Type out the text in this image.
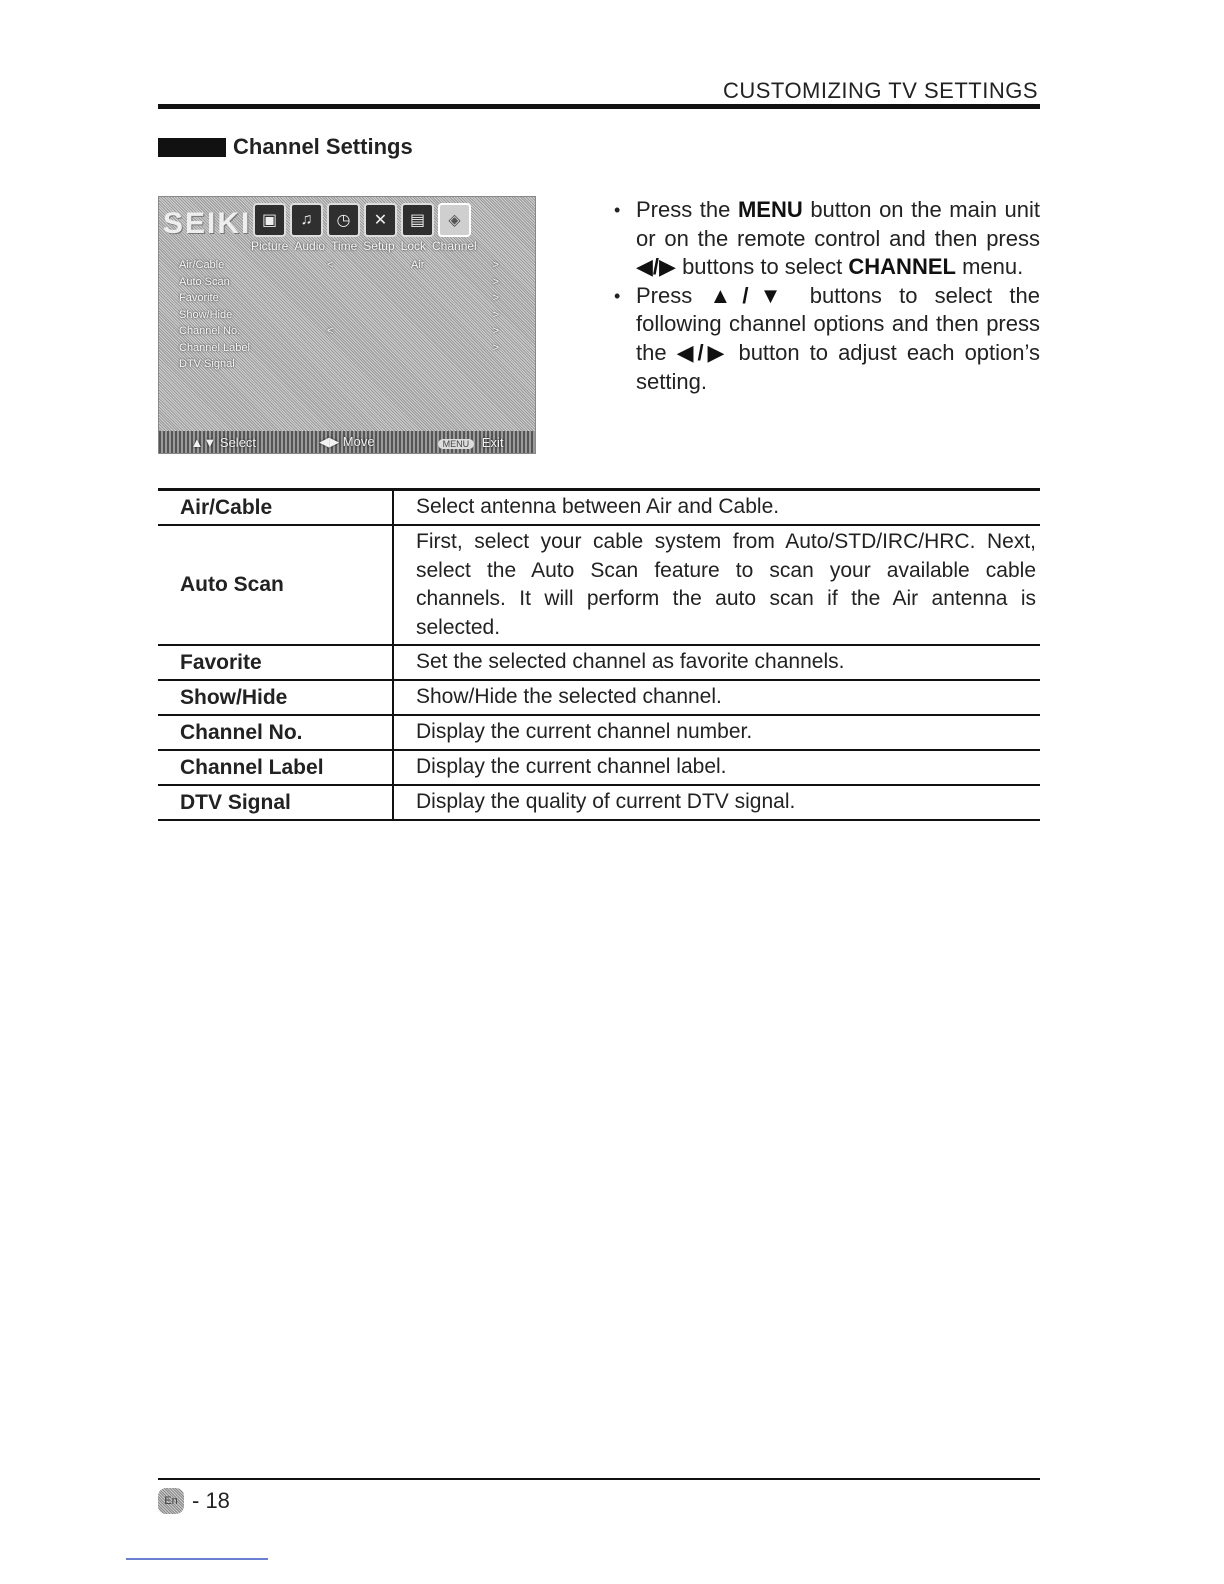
CUSTOMIZING TV SETTINGS
Channel Settings
SEIKI ▣	♫	◷	✕	▤	◈
Picture Audio Time Setup Lock Channel
Air/Cable	<	Air	>
Auto Scan	>
Favorite	>
Show/Hide	>
Channel No.	<	>
Channel Label	>
DTV Signal
▲▼ Select	◀▶ Move	MENU Exit
• Press the MENU button on the main unit or on the remote control and then press ◀/▶ buttons to select CHANNEL menu.
• Press ▲/▼ buttons to select the following channel options and then press the ◀/▶ button to adjust each option’s setting.
Air/Cable	Select antenna between Air and Cable.
Auto Scan	First, select your cable system from Auto/STD/IRC/HRC. Next, select the Auto Scan feature to scan your available cable channels. It will perform the auto scan if the Air antenna is selected.
Favorite	Set the selected channel as favorite channels.
Show/Hide	Show/Hide the selected channel.
Channel No.	Display the current channel number.
Channel Label	Display the current channel label.
DTV Signal	Display the quality of current DTV signal.
En - 18
